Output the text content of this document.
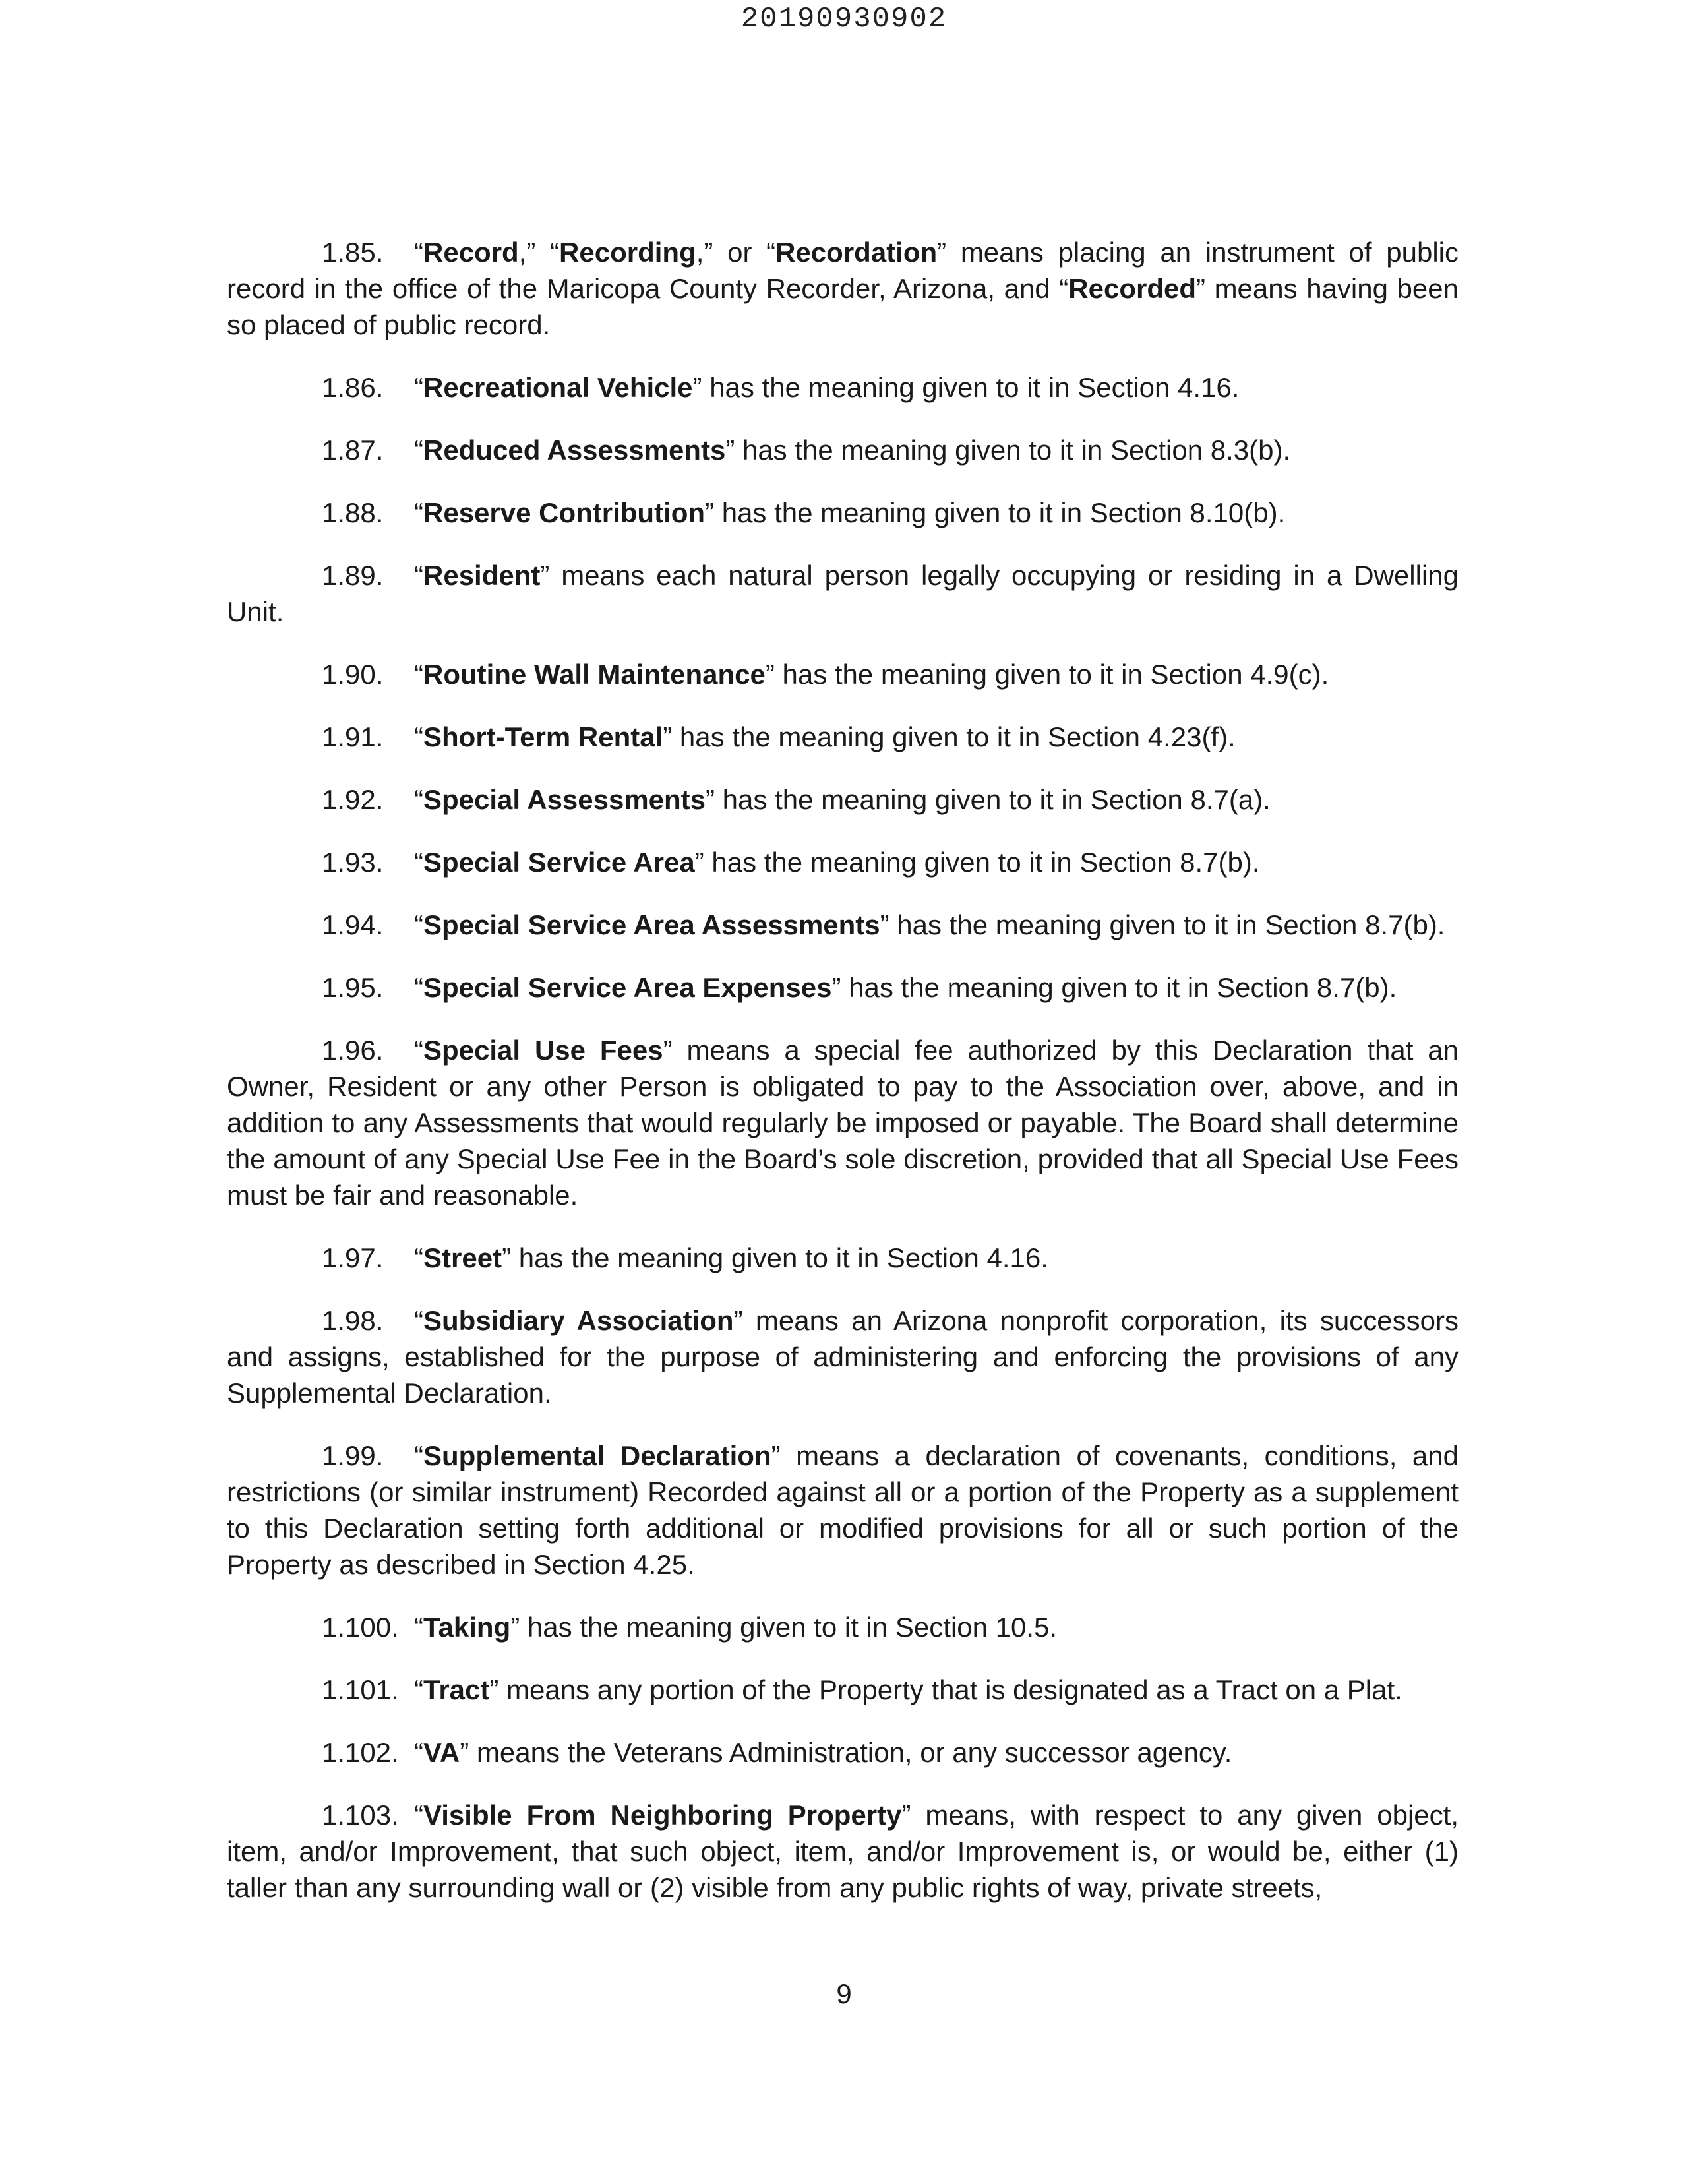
20190930902

1.85. “Record,” “Recording,” or “Recordation” means placing an instrument of public record in the office of the Maricopa County Recorder, Arizona, and “Recorded” means having been so placed of public record.

1.86. “Recreational Vehicle” has the meaning given to it in Section 4.16.

1.87. “Reduced Assessments” has the meaning given to it in Section 8.3(b).

1.88. “Reserve Contribution” has the meaning given to it in Section 8.10(b).

1.89. “Resident” means each natural person legally occupying or residing in a Dwelling Unit.

1.90. “Routine Wall Maintenance” has the meaning given to it in Section 4.9(c).

1.91. “Short-Term Rental” has the meaning given to it in Section 4.23(f).

1.92. “Special Assessments” has the meaning given to it in Section 8.7(a).

1.93. “Special Service Area” has the meaning given to it in Section 8.7(b).

1.94. “Special Service Area Assessments” has the meaning given to it in Section 8.7(b).

1.95. “Special Service Area Expenses” has the meaning given to it in Section 8.7(b).

1.96. “Special Use Fees” means a special fee authorized by this Declaration that an Owner, Resident or any other Person is obligated to pay to the Association over, above, and in addition to any Assessments that would regularly be imposed or payable. The Board shall determine the amount of any Special Use Fee in the Board’s sole discretion, provided that all Special Use Fees must be fair and reasonable.

1.97. “Street” has the meaning given to it in Section 4.16.

1.98. “Subsidiary Association” means an Arizona nonprofit corporation, its successors and assigns, established for the purpose of administering and enforcing the provisions of any Supplemental Declaration.

1.99. “Supplemental Declaration” means a declaration of covenants, conditions, and restrictions (or similar instrument) Recorded against all or a portion of the Property as a supplement to this Declaration setting forth additional or modified provisions for all or such portion of the Property as described in Section 4.25.

1.100. “Taking” has the meaning given to it in Section 10.5.

1.101. “Tract” means any portion of the Property that is designated as a Tract on a Plat.

1.102. “VA” means the Veterans Administration, or any successor agency.

1.103. “Visible From Neighboring Property” means, with respect to any given object, item, and/or Improvement, that such object, item, and/or Improvement is, or would be, either (1) taller than any surrounding wall or (2) visible from any public rights of way, private streets,

9
